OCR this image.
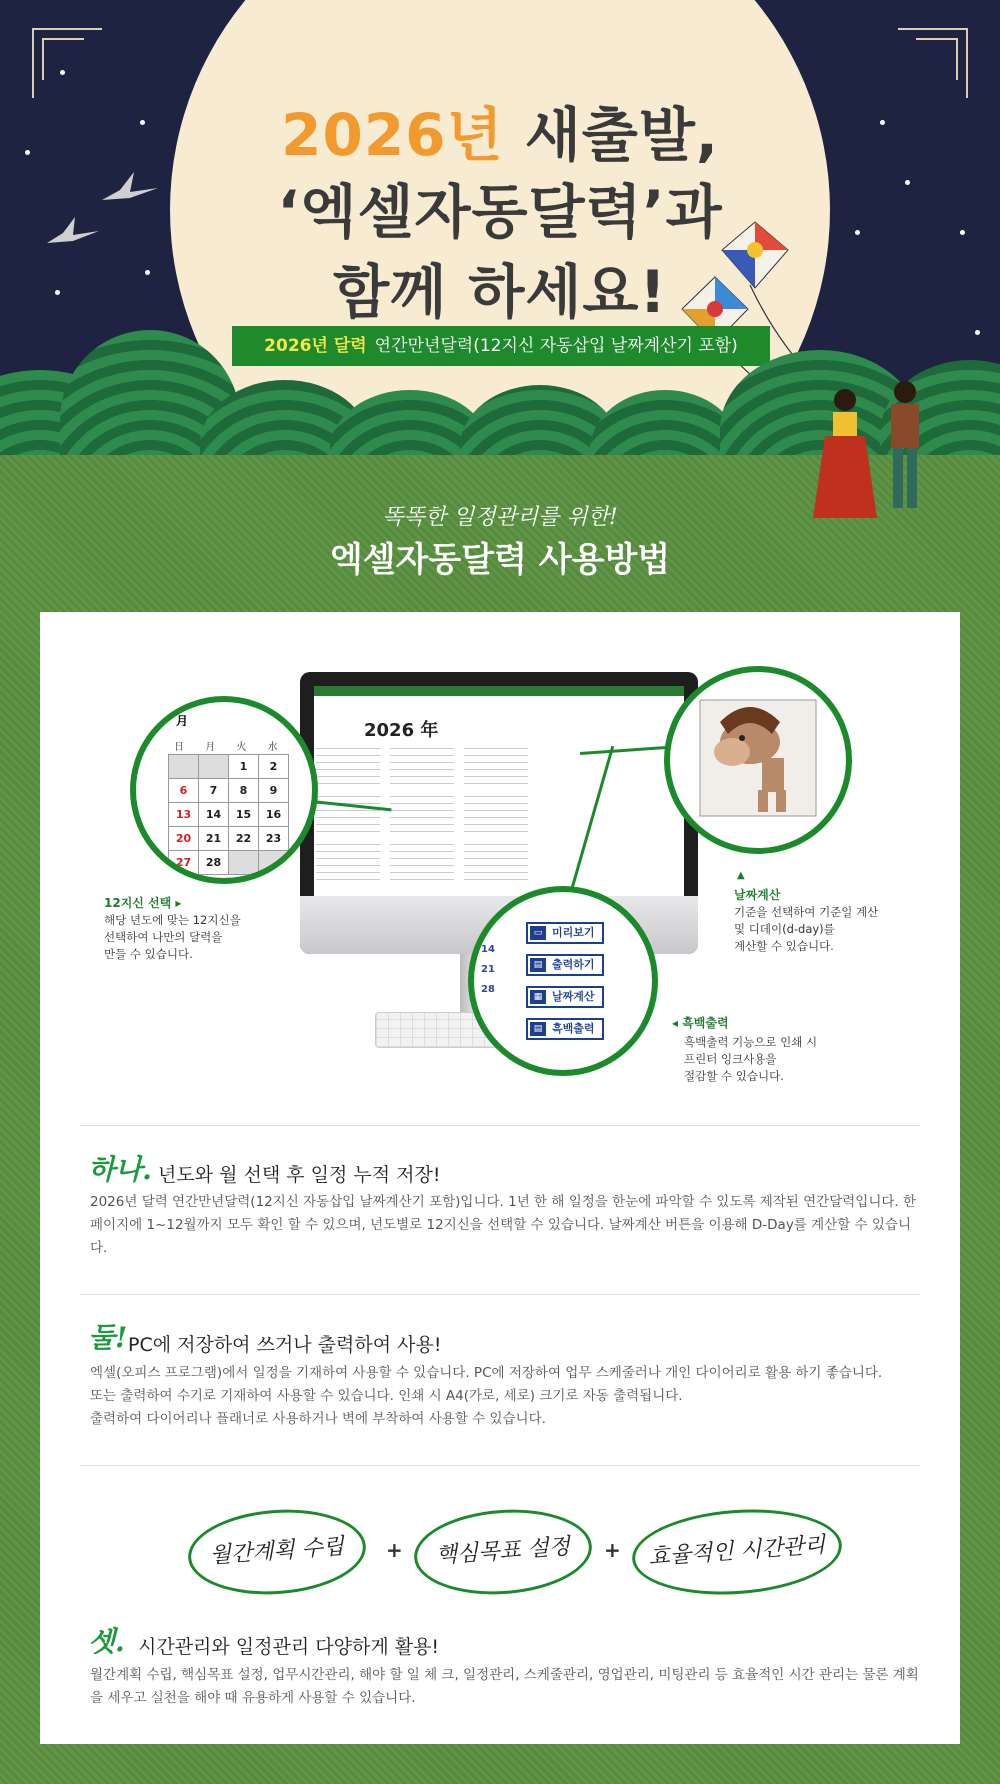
2026년 새출발,
‘엑셀자동달력’과
함께 하세요!
2026년 달력 연간만년달력(12지신 자동삽입 날짜계산기 포함)
똑똑한 일정관리를 위한!
엑셀자동달력 사용방법
2026 年
日 月 火 水
月
		1	2
6	7	8	9
13	14	15	16
20	21	22	23
27	28		
14
21
28
▭ 미리보기
▤ 출력하기
▦ 날짜계산
▤ 흑백출력
12지신 선택 ▸
해당 년도에 맞는 12지신을
선택하여 나만의 달력을
만들 수 있습니다.
▲
날짜계산
기준을 선택하여 기준일 계산
및 디데이(d-day)를
계산할 수 있습니다.
◂ 흑백출력
흑백출력 기능으로 인쇄 시
프린터 잉크사용을
절감할 수 있습니다.
하나. 년도와 월 선택 후 일정 누적 저장!
2026년 달력 연간만년달력(12지신 자동삽입 날짜계산기 포함)입니다. 1년 한 해 일정을 한눈에 파악할 수 있도록 제작된 연간달력입니다. 한 페이지에 1~12월까지 모두 확인 할 수 있으며, 년도별로 12지신을 선택할 수 있습니다. 날짜계산 버튼을 이용해 D-Day를 계산할 수 있습니다.
둘! PC에 저장하여 쓰거나 출력하여 사용!
엑셀(오피스 프로그램)에서 일정을 기재하여 사용할 수 있습니다. PC에 저장하여 업무 스케줄러나 개인 다이어리로 활용 하기 좋습니다.
또는 출력하여 수기로 기재하여 사용할 수 있습니다. 인쇄 시 A4(가로, 세로) 크기로 자동 출력됩니다.
출력하여 다이어리나 플래너로 사용하거나 벽에 부착하여 사용할 수 있습니다.
월간계획 수립	+	핵심목표 설정	+	효율적인 시간관리
셋. 시간관리와 일정관리 다양하게 활용!
월간계획 수립, 핵심목표 설정, 업무시간관리, 해야 할 일 체 크, 일정관리, 스케줄관리, 영업관리, 미팅관리 등 효율적인 시간 관리는 물론 계획을 세우고 실천을 해야 때 유용하게 사용할 수 있습니다.
